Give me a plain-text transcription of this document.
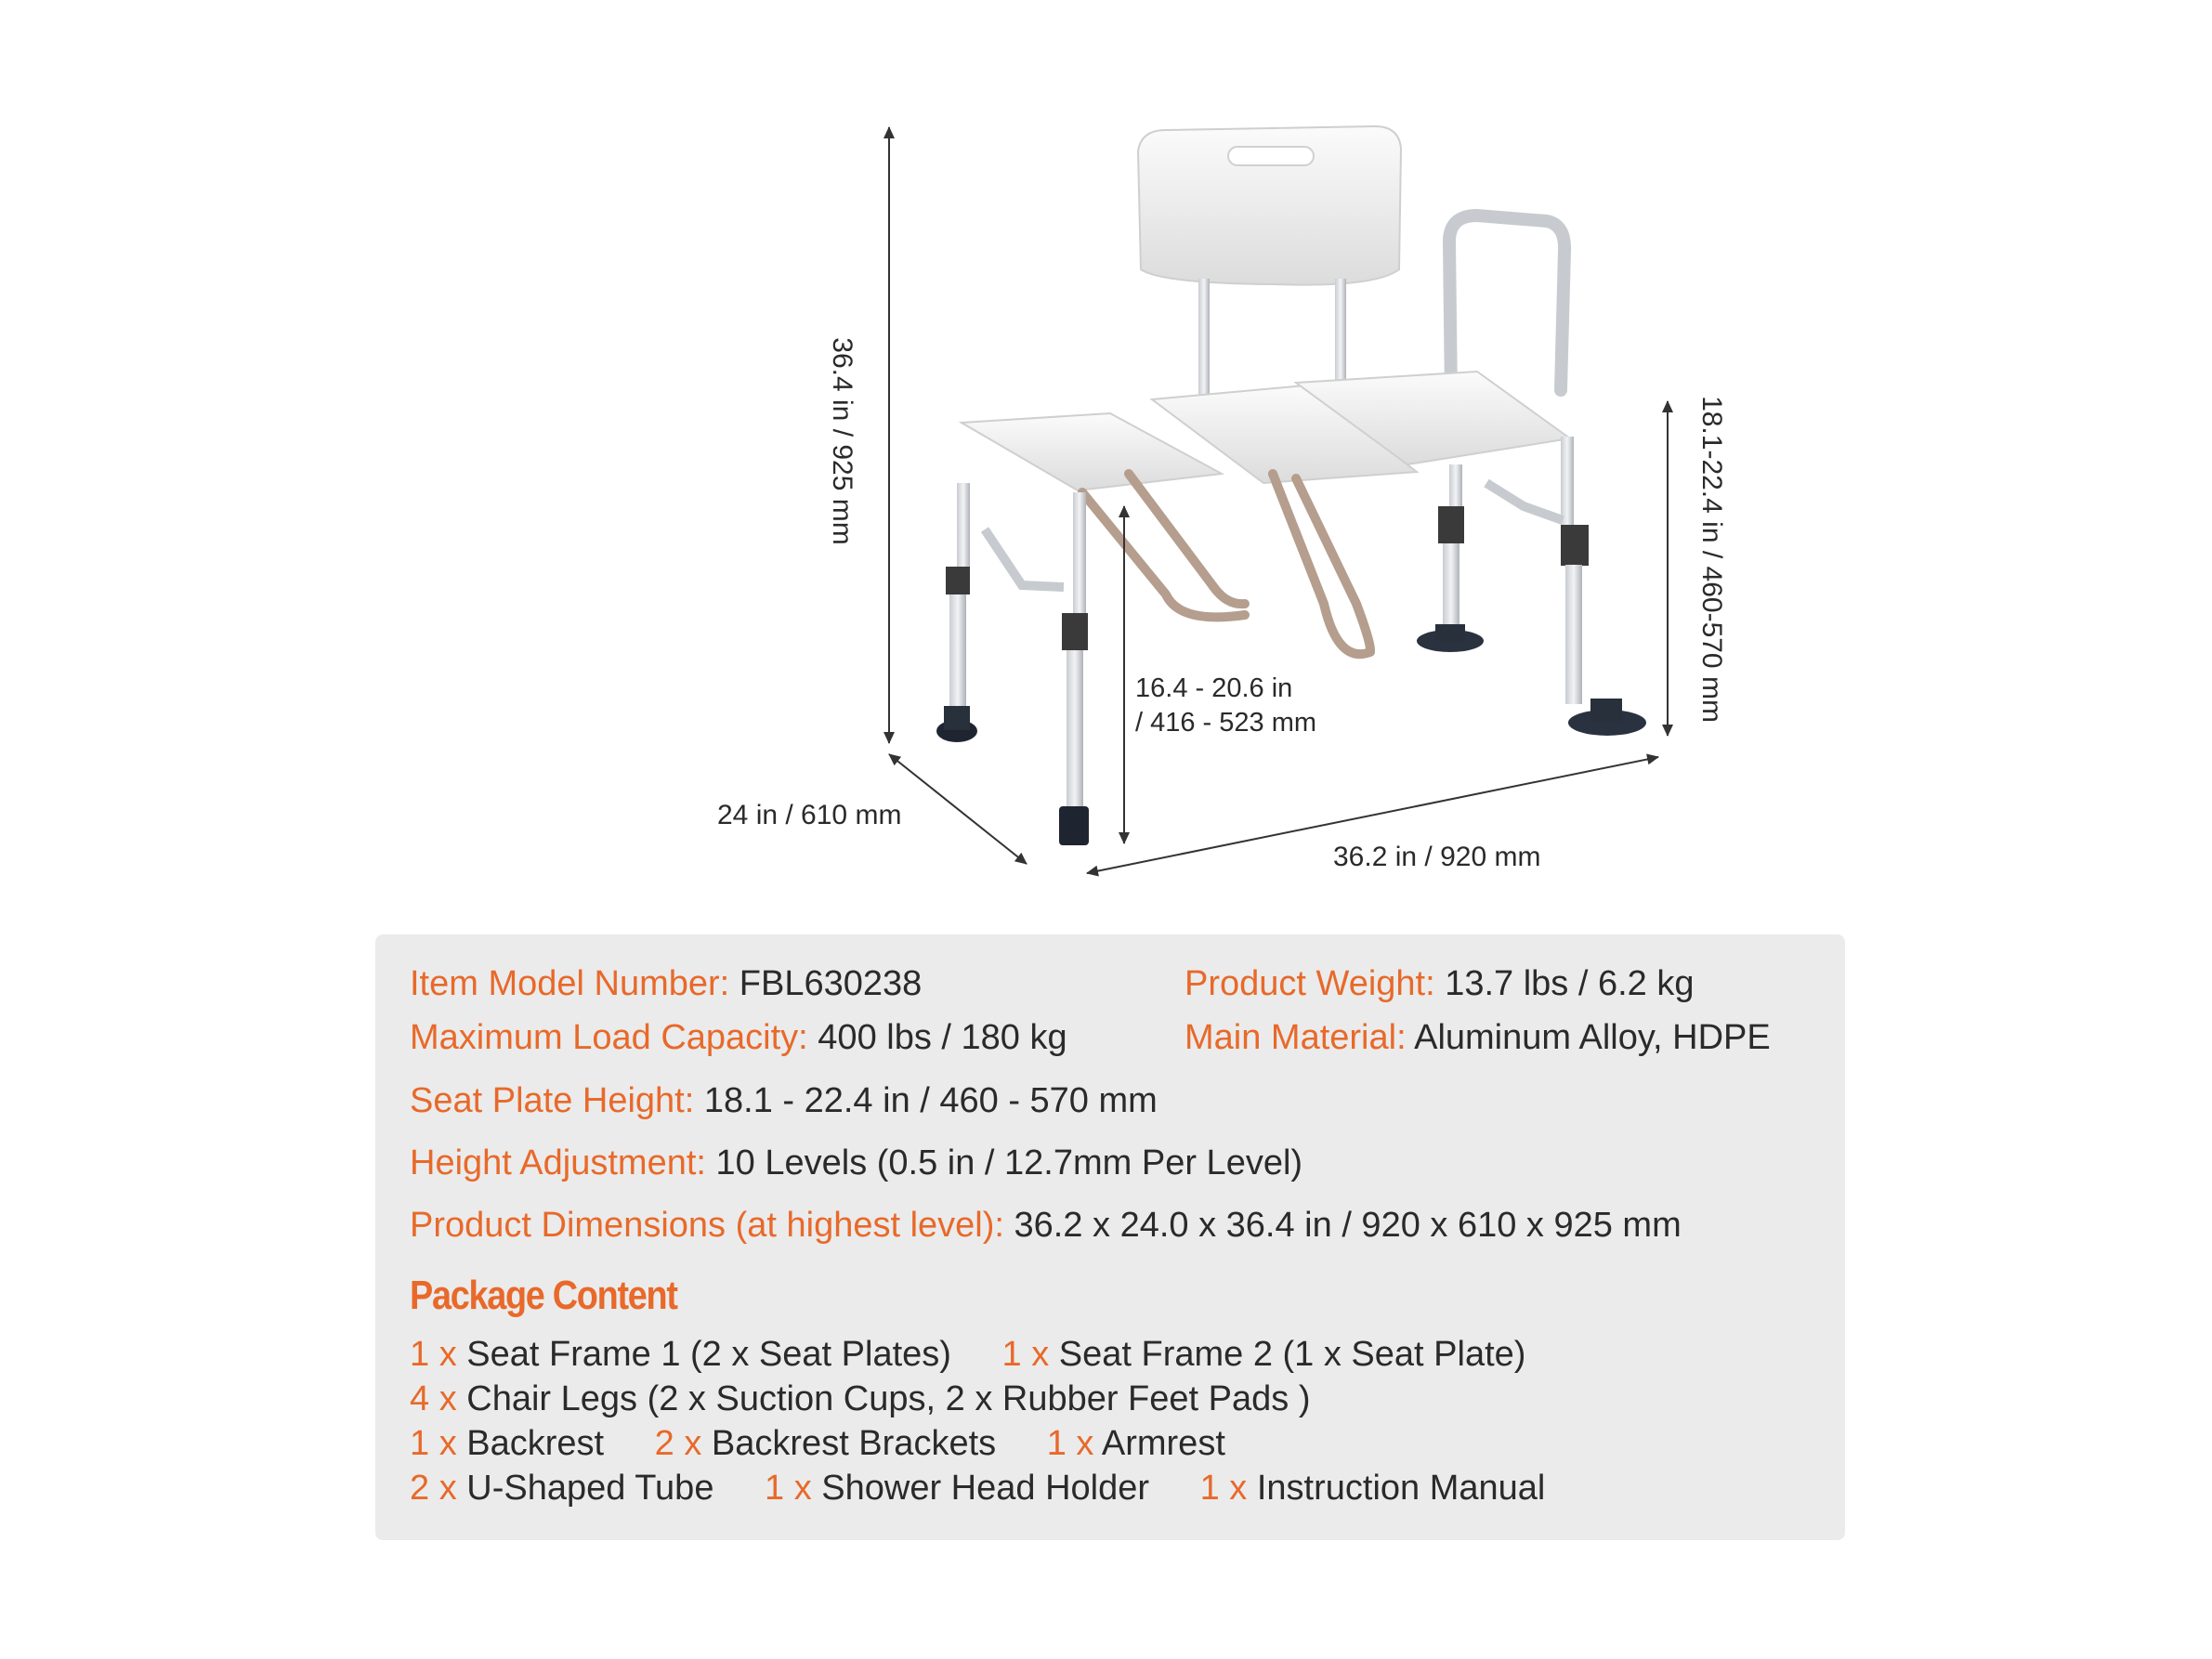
36.4 in / 925 mm	18.1-22.4 in / 460-570 mm
24 in / 610 mm
36.2 in / 920 mm
16.4 - 20.6 in
/ 416 - 523 mm
Item Model Number: FBL630238	Product Weight: 13.7 lbs / 6.2 kg
Maximum Load Capacity: 400 lbs / 180 kg	Main Material: Aluminum Alloy, HDPE
Seat Plate Height: 18.1 - 22.4 in / 460 - 570 mm
Height Adjustment: 10 Levels (0.5 in / 12.7mm Per Level)
Product Dimensions (at highest level): 36.2 x 24.0 x 36.4 in / 920 x 610 x 925 mm
Package Content
1 x Seat Frame 1 (2 x Seat Plates) 1 x Seat Frame 2 (1 x Seat Plate)
4 x Chair Legs (2 x Suction Cups, 2 x Rubber Feet Pads )
1 x Backrest 2 x Backrest Brackets 1 x Armrest
2 x U-Shaped Tube 1 x Shower Head Holder 1 x Instruction Manual
